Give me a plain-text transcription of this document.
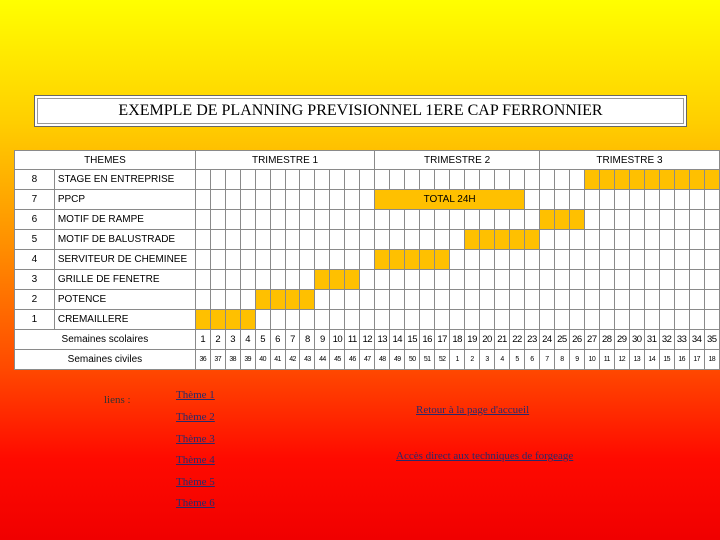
EXEMPLE DE PLANNING PREVISIONNEL 1ERE CAP FERRONNIER
THEMES		TRIMESTRE 1												TRIMESTRE 2											TRIMESTRE 3											
8	STAGE EN ENTREPRISE																																			
7	PPCP													TOTAL 24H																						
6	MOTIF DE RAMPE																																			
5	MOTIF DE BALUSTRADE																																			
4	SERVITEUR DE CHEMINEE																																			
3	GRILLE DE FENETRE																																			
2	POTENCE																																			
1	CREMAILLERE																																			
Semaines scolaires		1	2	3	4	5	6	7	8	9	10	11	12	13	14	15	16	17	18	19	20	21	22	23	24	25	26	27	28	29	30	31	32	33	34	35
Semaines civiles		36	37	38	39	40	41	42	43	44	45	46	47	48	49	50	51	52	1	2	3	4	5	6	7	8	9	10	11	12	13	14	15	16	17	18
liens :	Thème 1
Thème 2
Thème 3
Thème 4
Thème 5
Thème 6
Retour à la page d'accueil
Accès direct aux techniques de forgeage
